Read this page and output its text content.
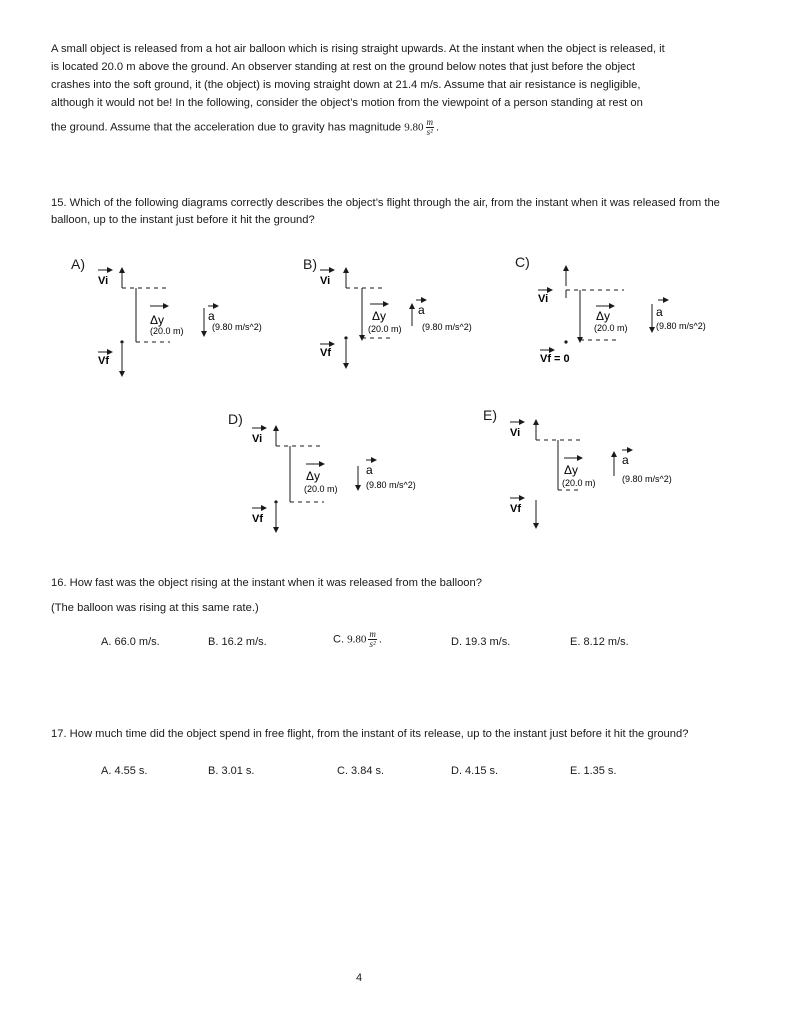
A small object is released from a hot air balloon which is rising straight upwards. At the instant when the object is released, it
is located 20.0 m above the ground. An observer standing at rest on the ground below notes that just before the object
crashes into the soft ground, it (the object) is moving straight down at 21.4 m/s. Assume that air resistance is negligible,
although it would not be! In the following, consider the object’s motion from the viewpoint of a person standing at rest on
the ground. Assume that the acceleration due to gravity has magnitude $9.80 \frac{m}{\text{s²}}$ .
15. Which of the following diagrams correctly describes the object’s flight through the air, from the instant when it was released from the balloon, up to the instant just before it hit the ground?
A)
Vi
Δy
(20.0 m)
a
(9.80 m/s^2)
Vf
B)
Vi
Δy
(20.0 m)
a
(9.80 m/s^2)
Vf
C)
Vi
Δy
(20.0 m)
a
(9.80 m/s^2)
Vf = 0
D)
Vi
Δy
(20.0 m)
a
(9.80 m/s^2)
Vf
E)
Vi
Δy
(20.0 m)
a
(9.80 m/s^2)
Vf
16. How fast was the object rising at the instant when it was released from the balloon?
(The balloon was rising at this same rate.)
A. 66.0 m/s.	B. 16.2 m/s.	C. $9.80 \frac{m}{\text{s²}}$ .	D. 19.3 m/s.	E. 8.12 m/s.
17. How much time did the object spend in free flight, from the instant of its release, up to the instant just before it hit the ground?
A. 4.55 s.	B. 3.01 s.	C. 3.84 s.	D. 4.15 s.	E. 1.35 s.
4
